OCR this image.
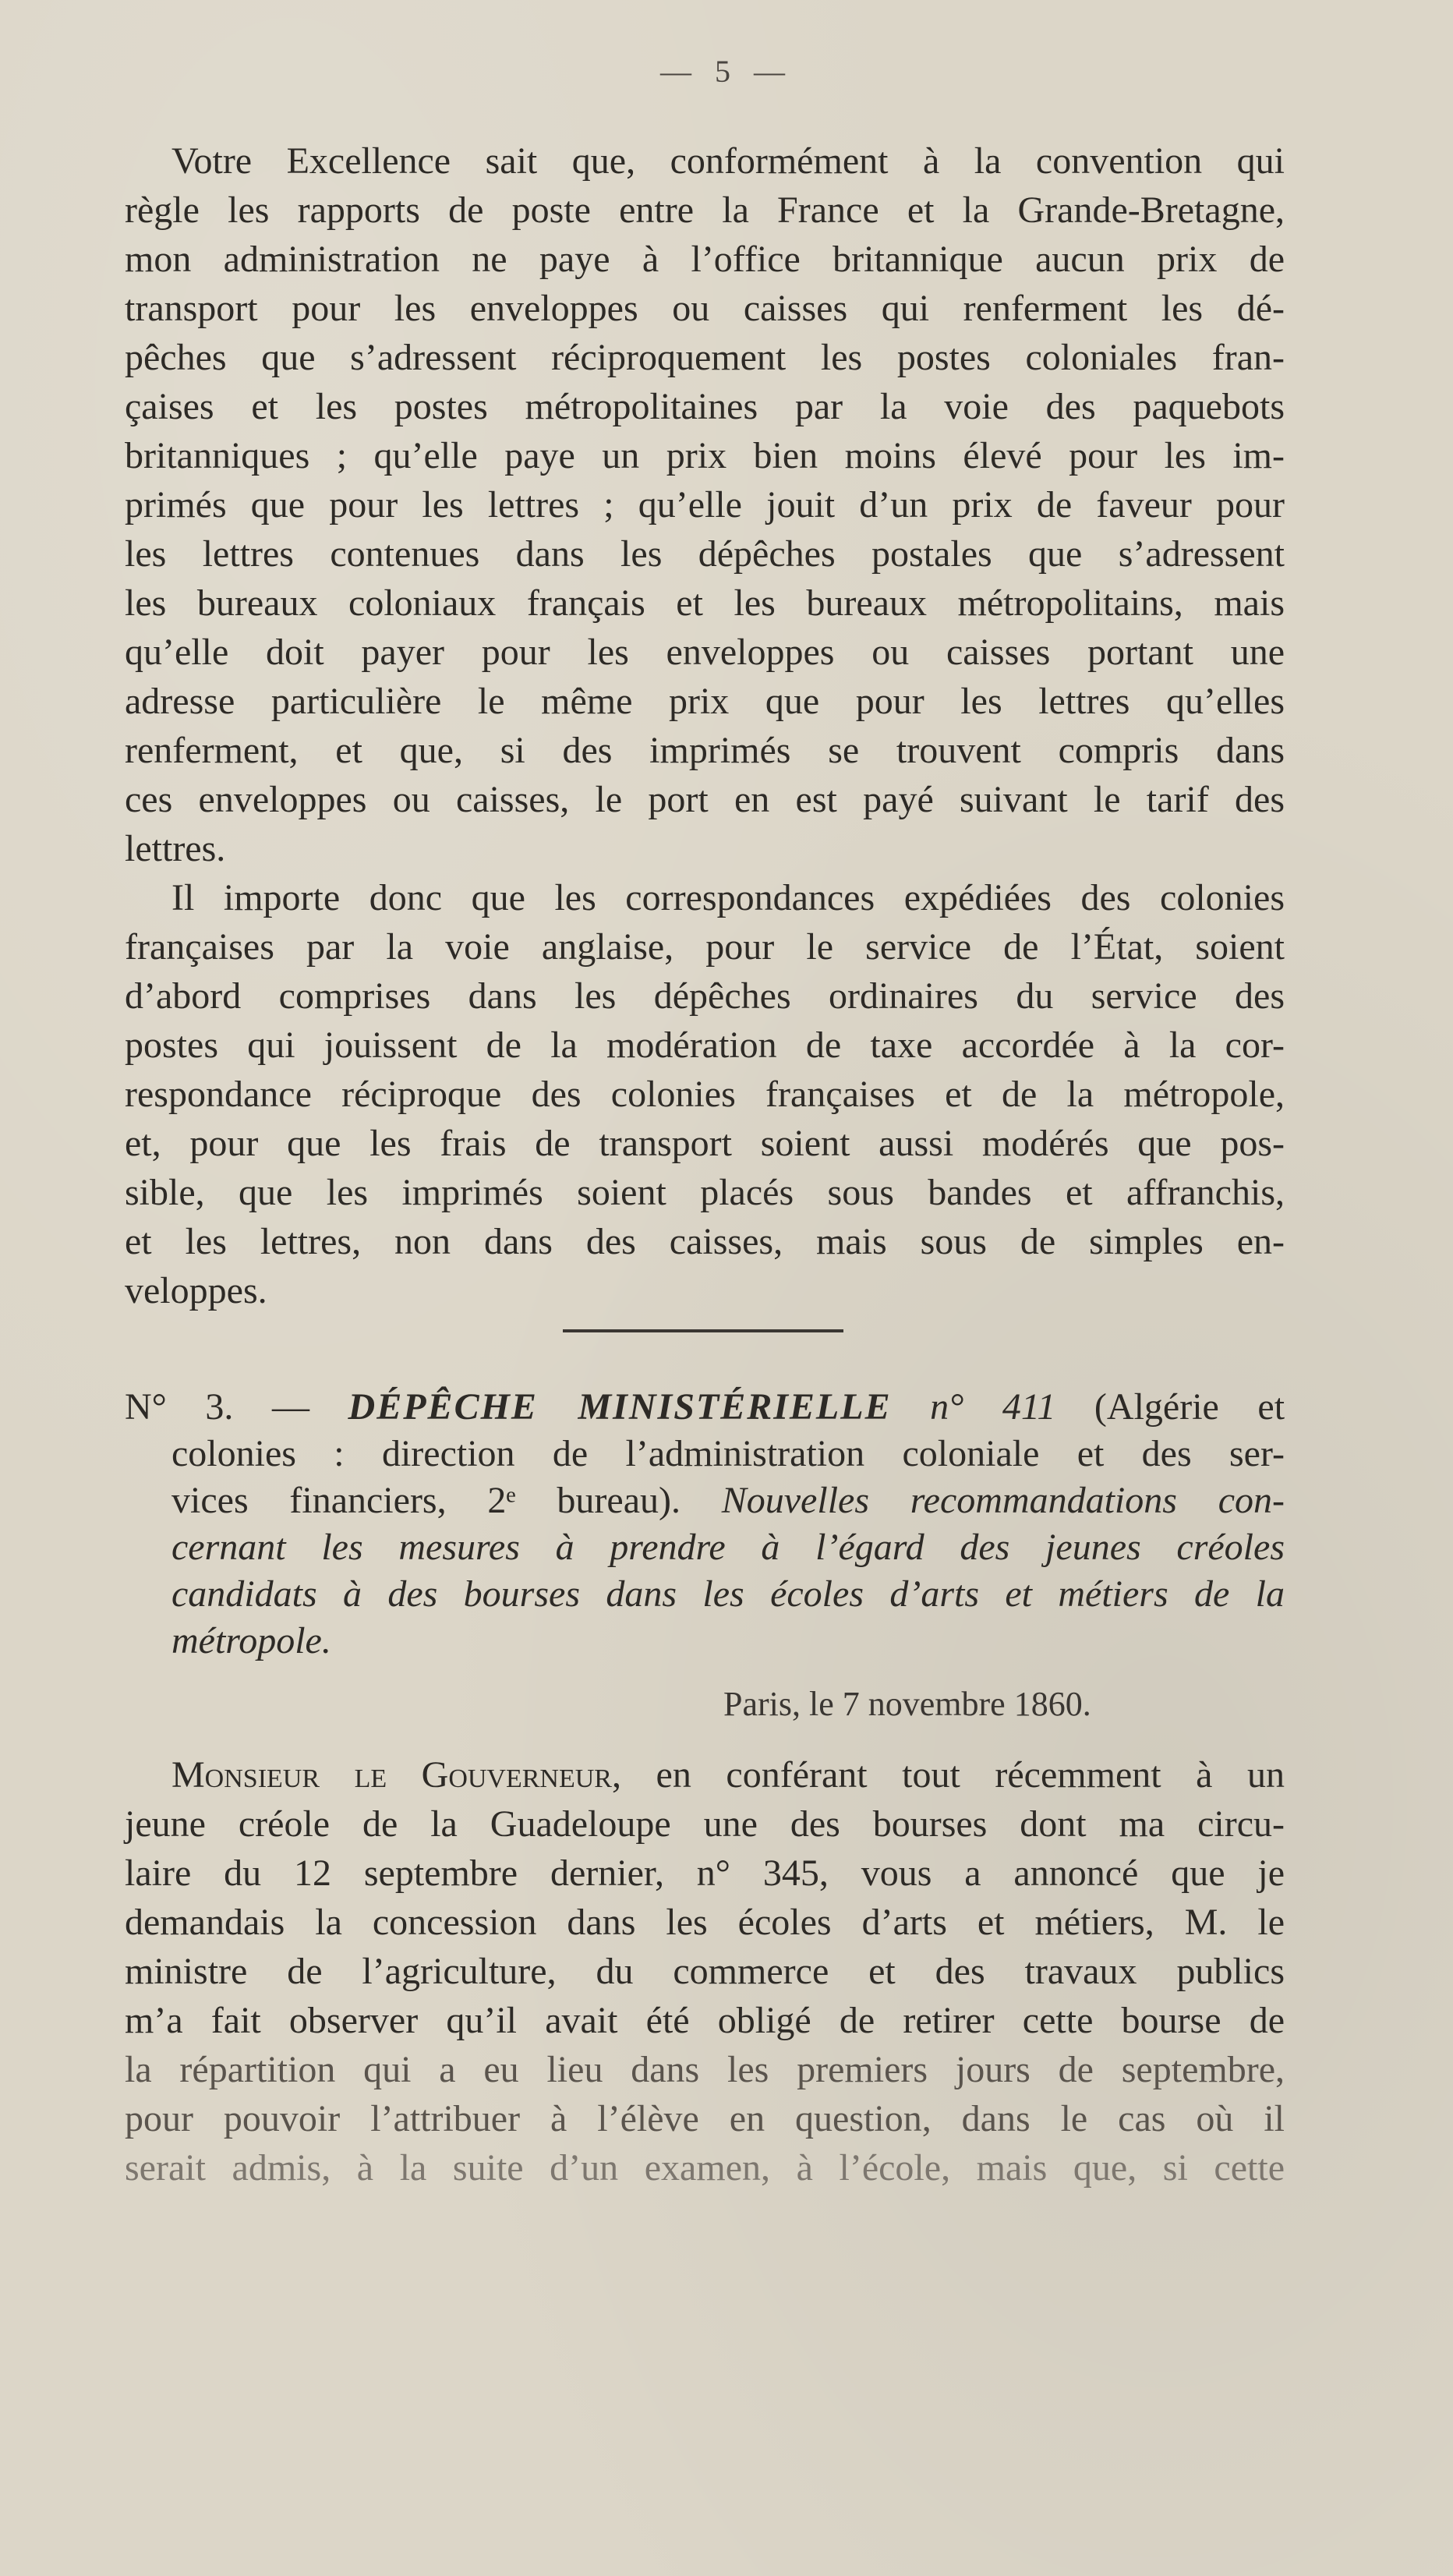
— 5 —
Votre Excellence sait que, conformément à la convention qui
règle les rapports de poste entre la France et la Grande-Bretagne,
mon administration ne paye à l’office britannique aucun prix de
transport pour les enveloppes ou caisses qui renferment les dé-
pêches que s’adressent réciproquement les postes coloniales fran-
çaises et les postes métropolitaines par la voie des paquebots
britanniques ; qu’elle paye un prix bien moins élevé pour les im-
primés que pour les lettres ; qu’elle jouit d’un prix de faveur pour
les lettres contenues dans les dépêches postales que s’adressent
les bureaux coloniaux français et les bureaux métropolitains, mais
qu’elle doit payer pour les enveloppes ou caisses portant une
adresse particulière le même prix que pour les lettres qu’elles
renferment, et que, si des imprimés se trouvent compris dans
ces enveloppes ou caisses, le port en est payé suivant le tarif des
lettres.
Il importe donc que les correspondances expédiées des colonies
françaises par la voie anglaise, pour le service de l’État, soient
d’abord comprises dans les dépêches ordinaires du service des
postes qui jouissent de la modération de taxe accordée à la cor-
respondance réciproque des colonies françaises et de la métropole,
et, pour que les frais de transport soient aussi modérés que pos-
sible, que les imprimés soient placés sous bandes et affranchis,
et les lettres, non dans des caisses, mais sous de simples en-
veloppes.
N° 3. — DÉPÊCHE MINISTÉRIELLE n° 411 (Algérie et
colonies : direction de l’administration coloniale et des ser-
vices financiers, 2ᵉ bureau). Nouvelles recommandations con-
cernant les mesures à prendre à l’égard des jeunes créoles
candidats à des bourses dans les écoles d’arts et métiers de la
métropole.
Paris, le 7 novembre 1860.
Monsieur le Gouverneur, en conférant tout récemment à un
jeune créole de la Guadeloupe une des bourses dont ma circu-
laire du 12 septembre dernier, n° 345, vous a annoncé que je
demandais la concession dans les écoles d’arts et métiers, M. le
ministre de l’agriculture, du commerce et des travaux publics
m’a fait observer qu’il avait été obligé de retirer cette bourse de
la répartition qui a eu lieu dans les premiers jours de septembre,
pour pouvoir l’attribuer à l’élève en question, dans le cas où il
serait admis, à la suite d’un examen, à l’école, mais que, si cette
